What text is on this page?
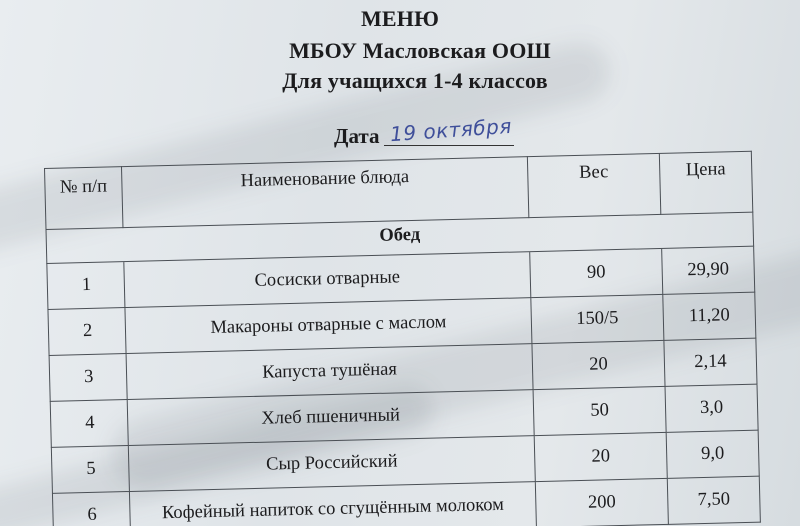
МЕНЮ
МБОУ Масловская ООШ
Для учащихся 1-4 классов
Дата 19 октября
№ п/п	Наименование блюда	Вес	Цена
Обед
1	Сосиски отварные	90	29,90
2	Макароны отварные с маслом	150/5	11,20
3	Капуста тушёная	20	2,14
4	Хлеб пшеничный	50	3,0
5	Сыр Российский	20	9,0
6	Кофейный напиток со сгущённым молоком	200	7,50
